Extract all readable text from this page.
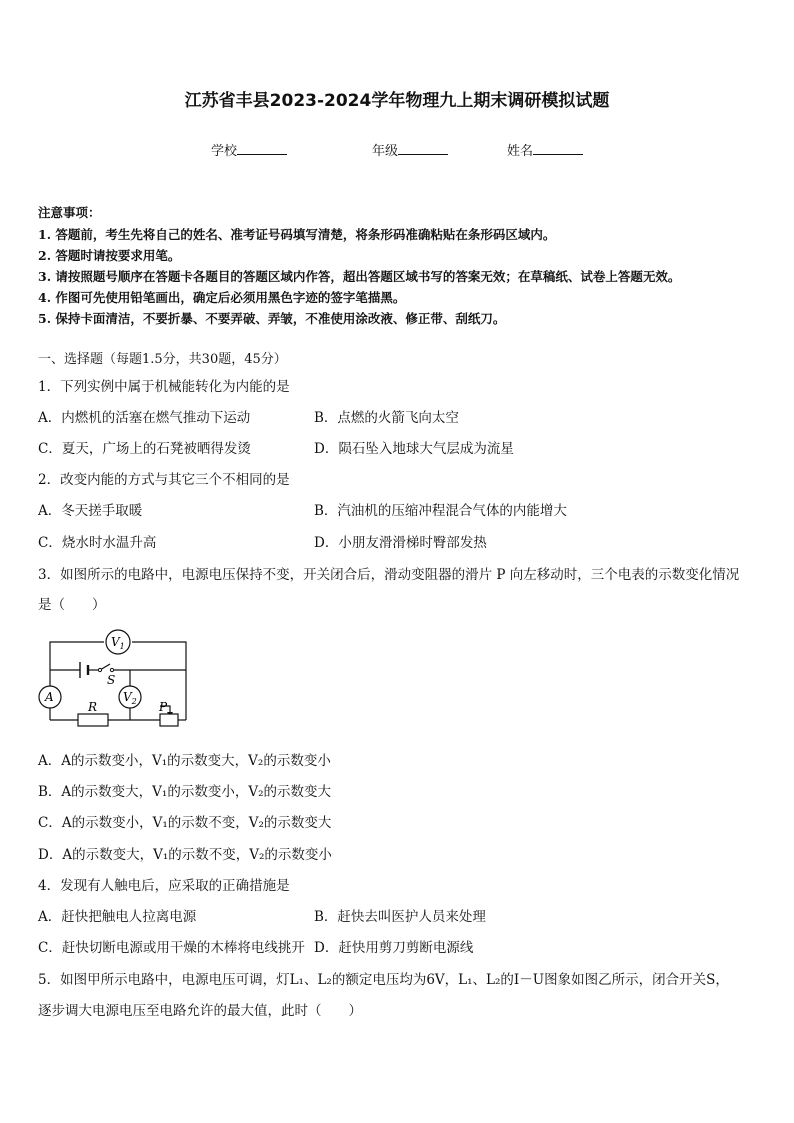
江苏省丰县2023-2024学年物理九上期末调研模拟试题
学校	年级	姓名
注意事项：
1. 答题前，考生先将自己的姓名、准考证号码填写清楚，将条形码准确粘贴在条形码区域内。
2. 答题时请按要求用笔。
3. 请按照题号顺序在答题卡各题目的答题区域内作答，超出答题区域书写的答案无效；在草稿纸、试卷上答题无效。
4. 作图可先使用铅笔画出，确定后必须用黑色字迹的签字笔描黑。
5. 保持卡面清洁，不要折暴、不要弄破、弄皱，不准使用涂改液、修正带、刮纸刀。
一、选择题（每题1.5分，共30题，45分）
1．下列实例中属于机械能转化为内能的是
A．内燃机的活塞在燃气推动下运动	B．点燃的火箭飞向太空
C．夏天，广场上的石凳被晒得发烫	D．陨石坠入地球大气层成为流星
2．改变内能的方式与其它三个不相同的是
A．冬天搓手取暖	B．汽油机的压缩冲程混合气体的内能增大
C．烧水时水温升高	D．小朋友滑滑梯时臀部发热
3．如图所示的电路中，电源电压保持不变，开关闭合后，滑动变阻器的滑片 P 向左移动时，三个电表的示数变化情况
是（　　）
$V_1$
$V_2$
A
S
R	P
A．A的示数变小，V₁的示数变大，V₂的示数变小
B．A的示数变大，V₁的示数变小，V₂的示数变大
C．A的示数变小，V₁的示数不变，V₂的示数变大
D．A的示数变大，V₁的示数不变，V₂的示数变小
4．发现有人触电后，应采取的正确措施是
A．赶快把触电人拉离电源	B．赶快去叫医护人员来处理
C．赶快切断电源或用干燥的木棒将电线挑开 D．赶快用剪刀剪断电源线
5．如图甲所示电路中，电源电压可调，灯L₁、L₂的额定电压均为6V，L₁、L₂的I－U图象如图乙所示，闭合开关S，
逐步调大电源电压至电路允许的最大值，此时（　　）
